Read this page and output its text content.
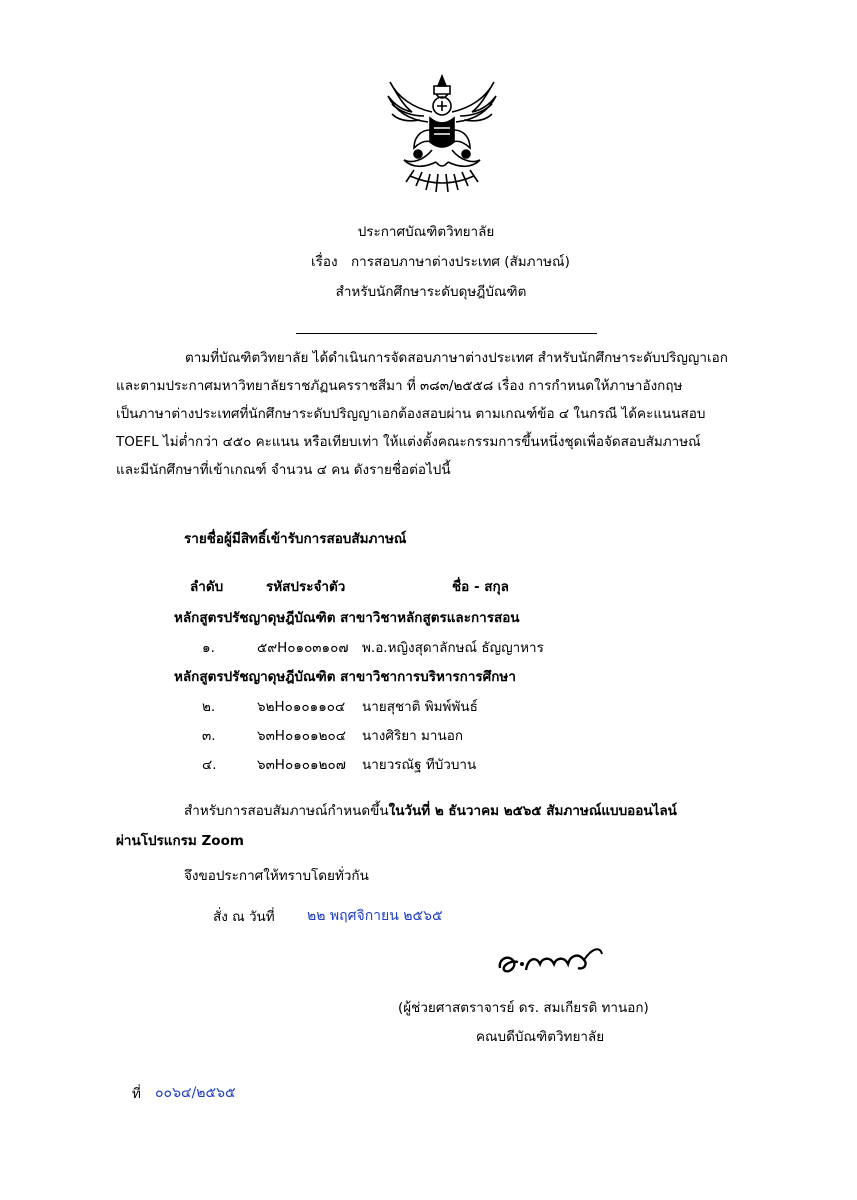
ประกาศบัณฑิตวิทยาลัย
เรื่อง การสอบภาษาต่างประเทศ (สัมภาษณ์)
สำหรับนักศึกษาระดับดุษฎีบัณฑิต
ตามที่บัณฑิตวิทยาลัย ได้ดำเนินการจัดสอบภาษาต่างประเทศ สำหรับนักศึกษาระดับปริญญาเอก
และตามประกาศมหาวิทยาลัยราชภัฏนครราชสีมา ที่ ๓๘๓/๒๕๕๘ เรื่อง การกำหนดให้ภาษาอังกฤษ
เป็นภาษาต่างประเทศที่นักศึกษาระดับปริญญาเอกต้องสอบผ่าน ตามเกณฑ์ข้อ ๔ ในกรณี ได้คะแนนสอบ
TOEFL ไม่ต่ำกว่า ๔๕๐ คะแนน หรือเทียบเท่า ให้แต่งตั้งคณะกรรมการขึ้นหนึ่งชุดเพื่อจัดสอบสัมภาษณ์
และมีนักศึกษาที่เข้าเกณฑ์ จำนวน ๔ คน ดังรายชื่อต่อไปนี้
รายชื่อผู้มีสิทธิ์เข้ารับการสอบสัมภาษณ์
ลำดับ	รหัสประจำตัว	ชื่อ - สกุล
หลักสูตรปรัชญาดุษฎีบัณฑิต สาขาวิชาหลักสูตรและการสอน
๑.	๕๙H๐๑๐๓๑๐๗ พ.อ.หญิงสุดาลักษณ์ ธัญญาหาร
หลักสูตรปรัชญาดุษฎีบัณฑิต สาขาวิชาการบริหารการศึกษา
๒.	๖๒H๐๑๐๑๑๐๔ นายสุชาติ พิมพ์พันธ์
๓.	๖๓H๐๑๐๑๒๐๔ นางศิริยา มานอก
๔.	๖๓H๐๑๐๑๒๐๗ นายวรณัฐ ทีบัวบาน
สำหรับการสอบสัมภาษณ์กำหนดขึ้นในวันที่ ๒ ธันวาคม ๒๕๖๕ สัมภาษณ์แบบออนไลน์
ผ่านโปรแกรม Zoom
จึงขอประกาศให้ทราบโดยทั่วกัน
สั่ง ณ วันที่ ๒๒ พฤศจิกายน ๒๕๖๕
(ผู้ช่วยศาสตราจารย์ ดร. สมเกียรติ ทานอก)
คณบดีบัณฑิตวิทยาลัย
ที่ ๐๐๖๔/๒๕๖๕
